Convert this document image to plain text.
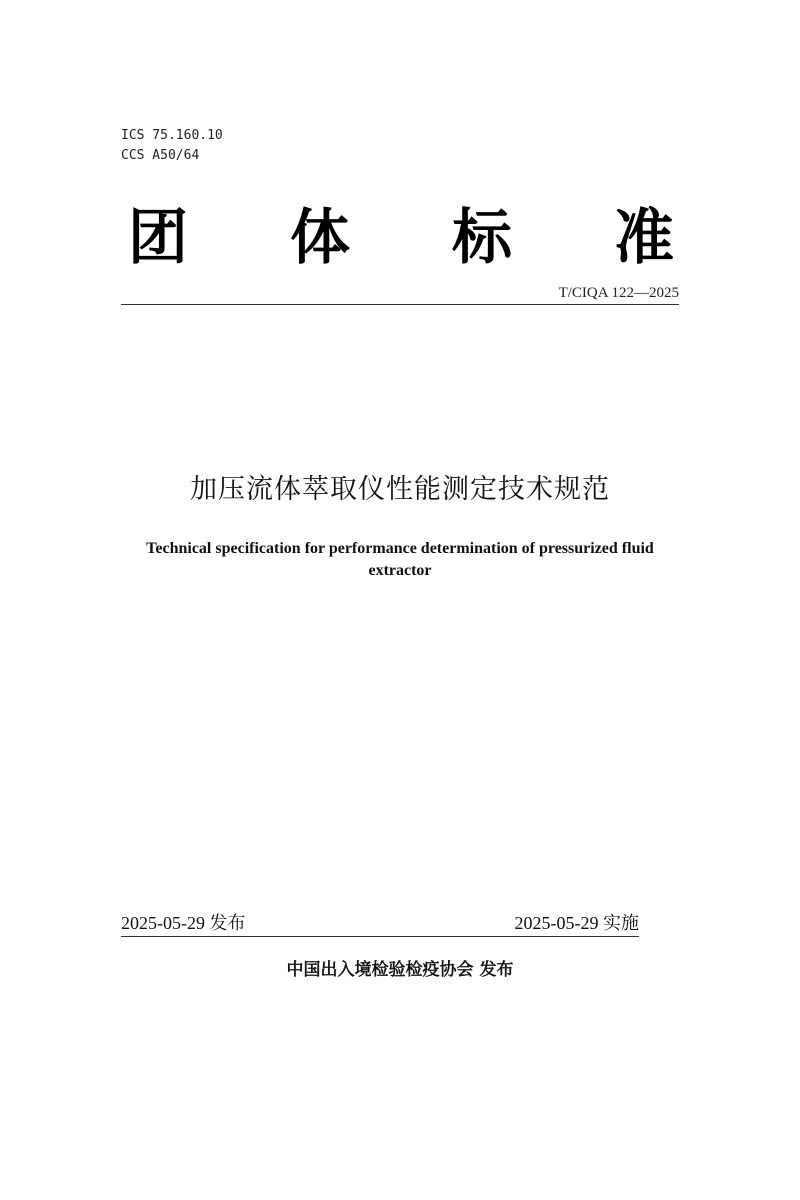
ICS 75.160.10
CCS A50/64
团 体 标 准
T/CIQA 122—2025
加压流体萃取仪性能测定技术规范
Technical specification for performance determination of pressurized fluid
extractor
2025-05-29 发布	2025-05-29 实施
中国出入境检验检疫协会 发布
